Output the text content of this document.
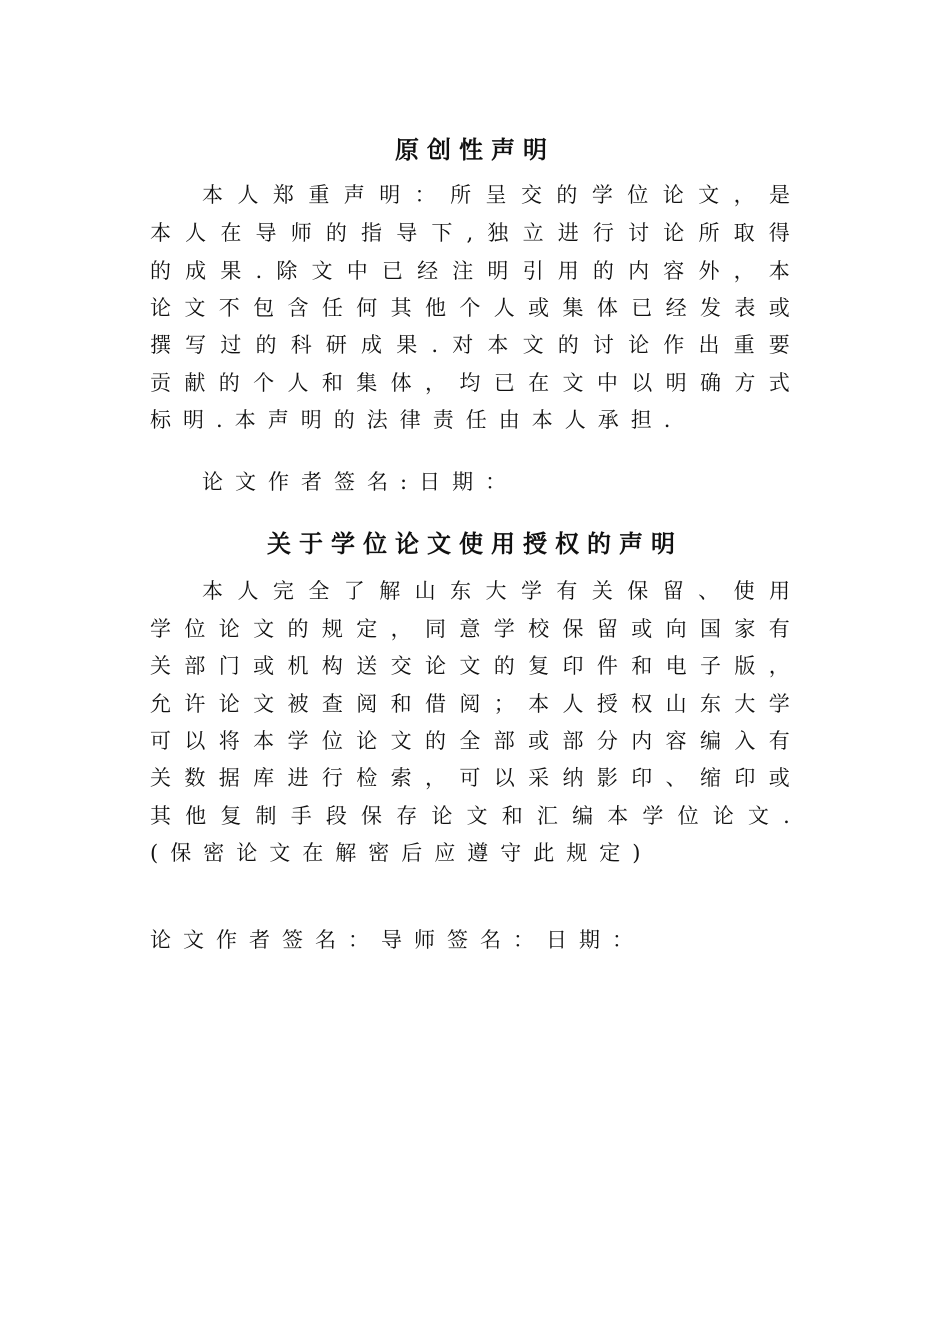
原创性声明
本 人 郑 重 声 明 ： 所 呈 交 的 学 位 论 文 ， 是
本 人 在 导 师 的 指 导 下 , 独 立 进 行 讨 论 所 取 得
的 成 果 . 除 文 中 已 经 注 明 引 用 的 内 容 外 ， 本
论 文 不 包 含 任 何 其 他 个 人 或 集 体 已 经 发 表 或
撰 写 过 的 科 研 成 果 . 对 本 文 的 讨 论 作 出 重 要
贡 献 的 个 人 和 集 体 ， 均 已 在 文 中 以 明 确 方 式
标 明 . 本 声 明 的 法 律 责 任 由 本 人 承 担 .
论 文 作 者 签 名 : 日 期 ：
关于学位论文使用授权的声明
本 人 完 全 了 解 山 东 大 学 有 关 保 留 、 使 用
学 位 论 文 的 规 定 ， 同 意 学 校 保 留 或 向 国 家 有
关 部 门 或 机 构 送 交 论 文 的 复 印 件 和 电 子 版 ，
允 许 论 文 被 查 阅 和 借 阅 ； 本 人 授 权 山 东 大 学
可 以 将 本 学 位 论 文 的 全 部 或 部 分 内 容 编 入 有
关 数 据 库 进 行 检 索 ， 可 以 采 纳 影 印 、 缩 印 或
其 他 复 制 手 段 保 存 论 文 和 汇 编 本 学 位 论 文 .
( 保 密 论 文 在 解 密 后 应 遵 守 此 规 定 )
论 文 作 者 签 名 ： 导 师 签 名 ： 日 期 ：
